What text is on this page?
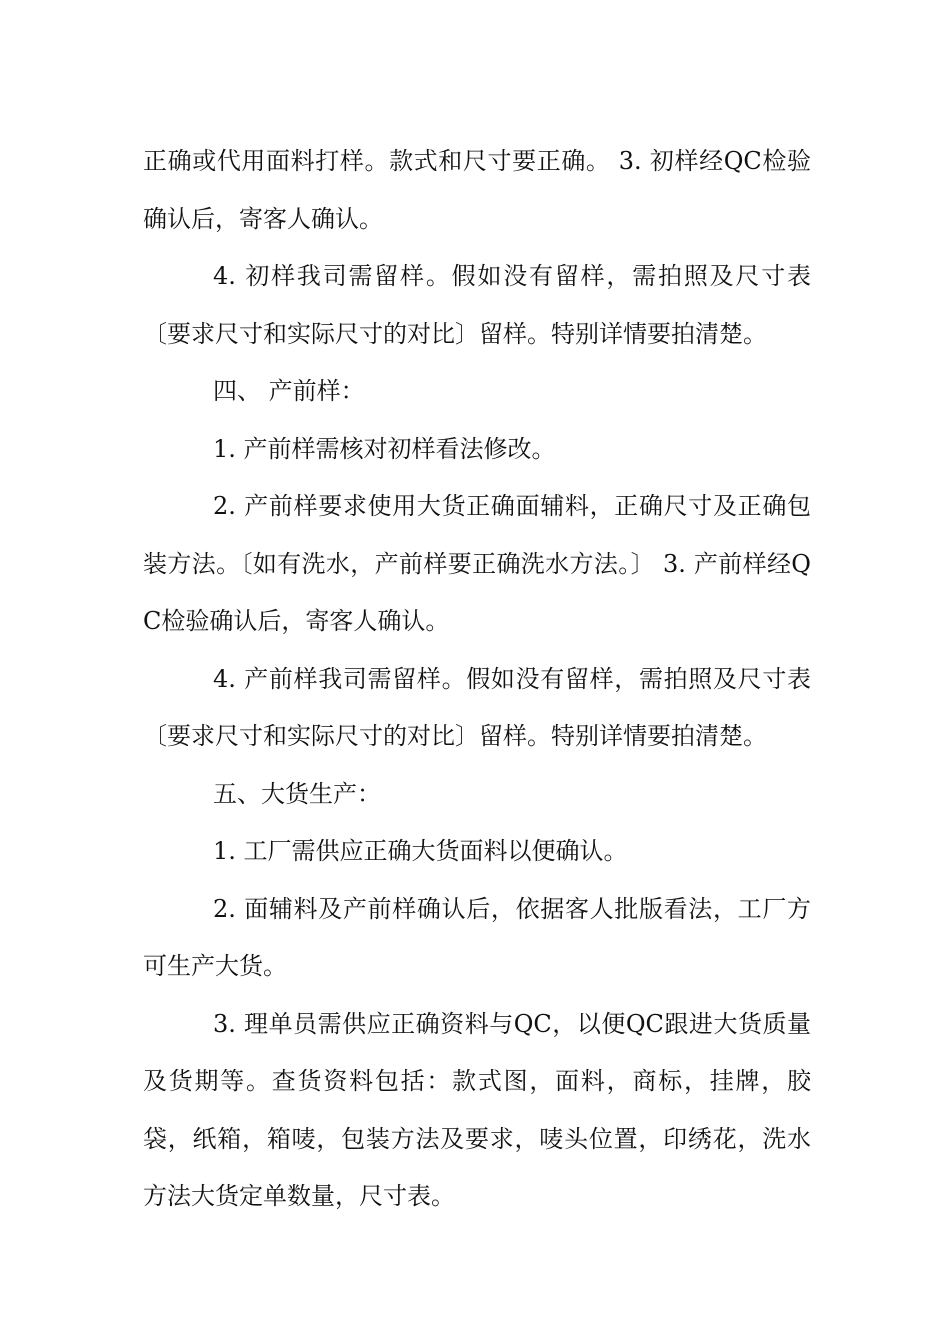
正确或代用面料打样。款式和尺寸要正确。 3. 初样经QC检验确认后，寄客人确认。

4. 初样我司需留样。假如没有留样，需拍照及尺寸表〔要求尺寸和实际尺寸的对比〕留样。特别详情要拍清楚。

四、 产前样：

1. 产前样需核对初样看法修改。

2. 产前样要求使用大货正确面辅料，正确尺寸及正确包装方法。〔如有洗水，产前样要正确洗水方法。〕 3. 产前样经QC检验确认后，寄客人确认。

4. 产前样我司需留样。假如没有留样，需拍照及尺寸表〔要求尺寸和实际尺寸的对比〕留样。特别详情要拍清楚。

五、大货生产：

1. 工厂需供应正确大货面料以便确认。

2. 面辅料及产前样确认后，依据客人批版看法，工厂方可生产大货。

3. 理单员需供应正确资料与QC，以便QC跟进大货质量及货期等。查货资料包括：款式图，面料，商标，挂牌，胶袋，纸箱，箱唛，包装方法及要求，唛头位置，印绣花，洗水方法大货定单数量，尺寸表。
